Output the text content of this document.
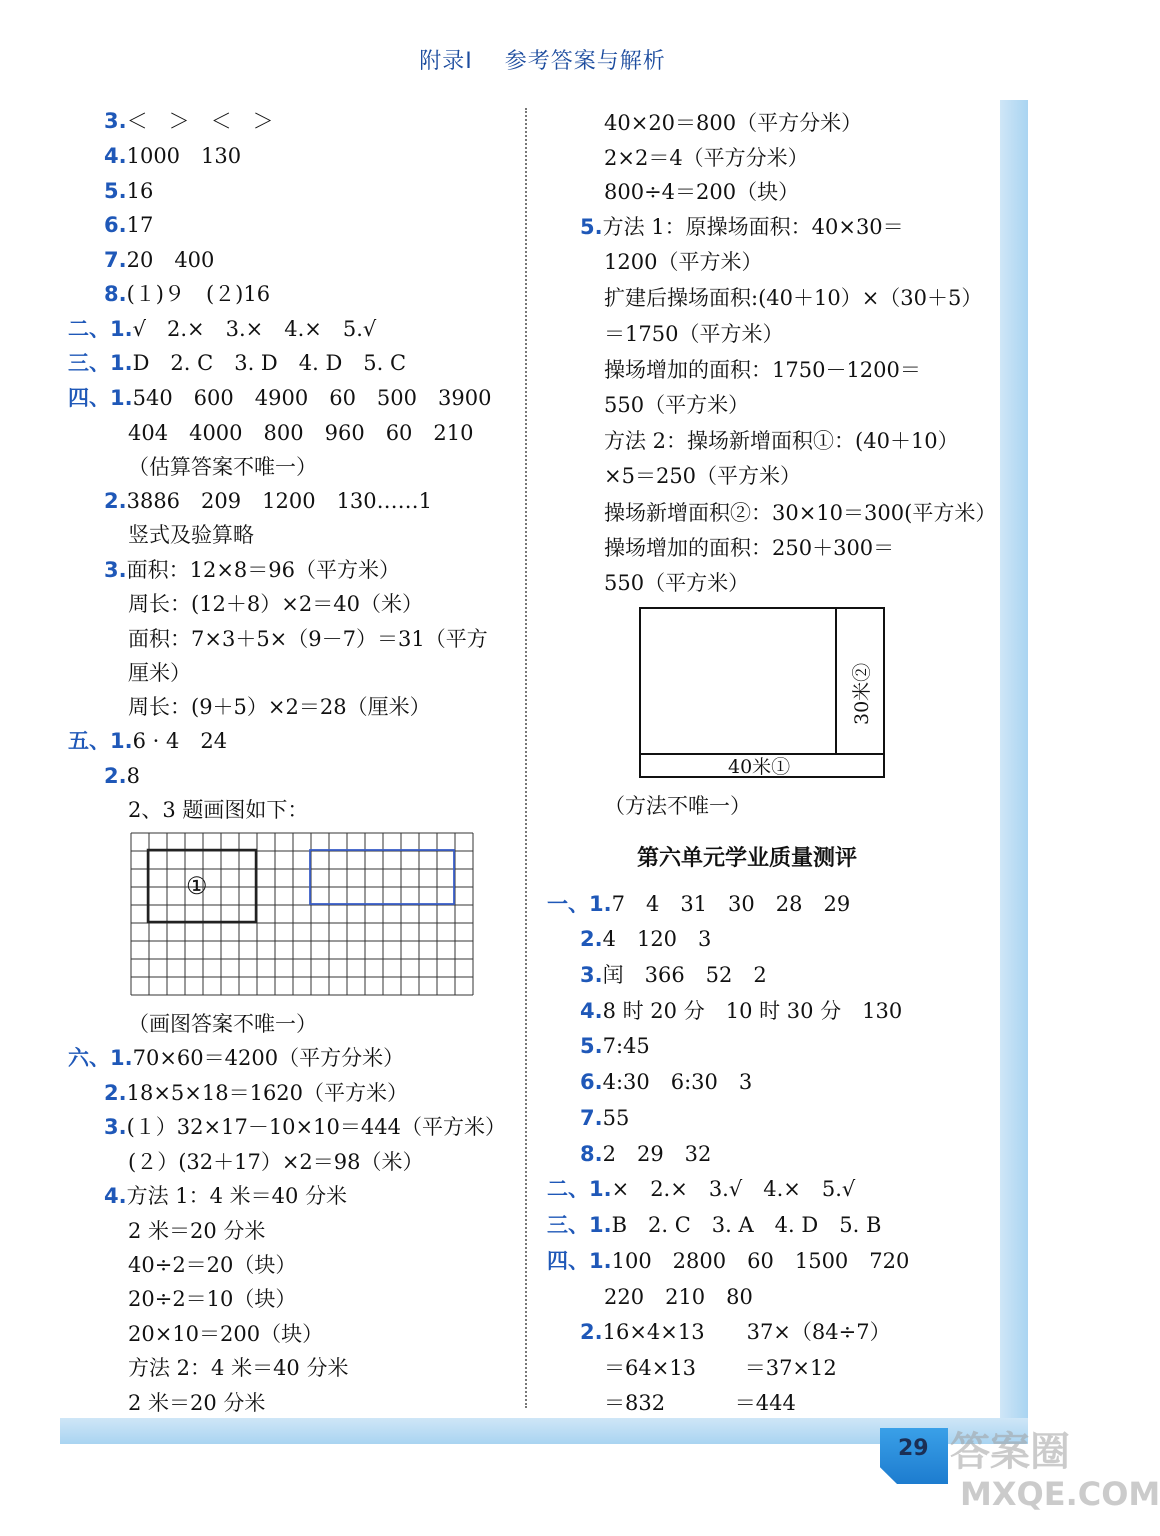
附录Ⅰ 参考答案与解析
3.＜　＞　＜　＞
4.1000　130
5.16
6.17
7.20　400
8.(１)９　(２)16
二、1.√　2.×　3.×　4.×　5.√
三、1.D　2. C　3. D　4. D　5. C
四、1.540　600　4900　60　500　3900
404　4000　800　960　60　210
（估算答案不唯一）
2.3886　209　1200　130……1
竖式及验算略
3.面积：12×8＝96（平方米）
周长：(12＋8）×2＝40（米）
面积：7×3＋5×（9－7）＝31（平方
厘米）
周长：(9＋5）×2＝28（厘米）
五、1.6 · 4　24
2.8
2、3 题画图如下：
（画图答案不唯一）
六、1.70×60＝4200（平方分米）
2.18×5×18＝1620（平方米）
3.(１）32×17－10×10＝444（平方米）
(２）(32＋17）×2＝98（米）
4.方法 1：4 米＝40 分米
2 米＝20 分米
40÷2＝20（块）
20÷2＝10（块）
20×10＝200（块）
方法 2：4 米＝40 分米
2 米＝20 分米
40×20＝800（平方分米）
2×2＝4（平方分米）
800÷4＝200（块）
5.方法 1：原操场面积：40×30＝
1200（平方米）
扩建后操场面积:(40＋10）×（30＋5）
＝1750（平方米）
操场增加的面积：1750－1200＝
550（平方米）
方法 2：操场新增面积①：(40＋10）
×5＝250（平方米）
操场新增面积②：30×10＝300(平方米）
操场增加的面积：250＋300＝
550（平方米）
（方法不唯一）
一、1.7　4　31　30　28　29
2.4　120　3
3.闰　366　52　2
4.8 时 20 分　10 时 30 分　130
5.7:45
6.4:30　6:30　3
7.55
8.2　29　32
二、1.×　2.×　3.√　4.×　5.√
三、1.B　2. C　3. A　4. D　5. B
四、1.100　2800　60　1500　720
220　210　80
2.16×4×13　　37×（84÷7）
＝64×13　　 ＝37×12
＝832　　　 ＝444
①
30米②
40米①
第六单元学业质量测评
29 答案圈
MXQE.COM
